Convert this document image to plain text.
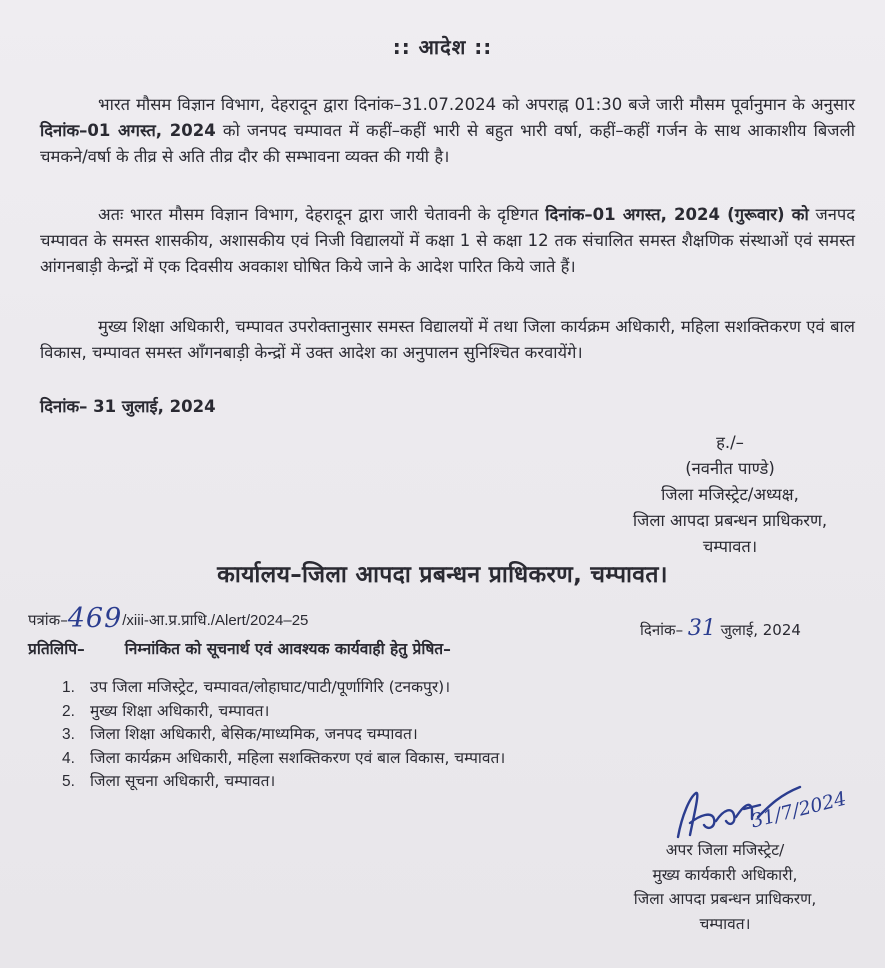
:: आदेश ::
भारत मौसम विज्ञान विभाग, देहरादून द्वारा दिनांक–31.07.2024 को अपराह्न 01:30 बजे जारी मौसम पूर्वानुमान के अनुसार दिनांक–01 अगस्त, 2024 को जनपद चम्पावत में कहीं–कहीं भारी से बहुत भारी वर्षा, कहीं–कहीं गर्जन के साथ आकाशीय बिजली चमकने/वर्षा के तीव्र से अति तीव्र दौर की सम्भावना व्यक्त की गयी है।
अतः भारत मौसम विज्ञान विभाग, देहरादून द्वारा जारी चेतावनी के दृष्टिगत दिनांक–01 अगस्त, 2024 (गुरूवार) को जनपद चम्पावत के समस्त शासकीय, अशासकीय एवं निजी विद्यालयों में कक्षा 1 से कक्षा 12 तक संचालित समस्त शैक्षणिक संस्थाओं एवं समस्त आंगनबाड़ी केन्द्रों में एक दिवसीय अवकाश घोषित किये जाने के आदेश पारित किये जाते हैं।
मुख्य शिक्षा अधिकारी, चम्पावत उपरोक्तानुसार समस्त विद्यालयों में तथा जिला कार्यक्रम अधिकारी, महिला सशक्तिकरण एवं बाल विकास, चम्पावत समस्त आँगनबाड़ी केन्द्रों में उक्त आदेश का अनुपालन सुनिश्चित करवायेंगे।
दिनांक– 31 जुलाई, 2024
ह./–
(नवनीत पाण्डे)
जिला मजिस्ट्रेट/अध्यक्ष,
जिला आपदा प्रबन्धन प्राधिकरण,
चम्पावत।
कार्यालय–जिला आपदा प्रबन्धन प्राधिकरण, चम्पावत।
पत्रांक–469/xiii-आ.प्र.प्राधि./Alert/2024–25
दिनांक– 31 जुलाई, 2024
प्रतिलिपि–	निम्नांकित को सूचनार्थ एवं आवश्यक कार्यवाही हेतु प्रेषित–
1. उप जिला मजिस्ट्रेट, चम्पावत/लोहाघाट/पाटी/पूर्णागिरि (टनकपुर)।
2. मुख्य शिक्षा अधिकारी, चम्पावत।
3. जिला शिक्षा अधिकारी, बेसिक/माध्यमिक, जनपद चम्पावत।
4. जिला कार्यक्रम अधिकारी, महिला सशक्तिकरण एवं बाल विकास, चम्पावत।
5. जिला सूचना अधिकारी, चम्पावत।
31/7/2024
अपर जिला मजिस्ट्रेट/
मुख्य कार्यकारी अधिकारी,
जिला आपदा प्रबन्धन प्राधिकरण,
चम्पावत।
